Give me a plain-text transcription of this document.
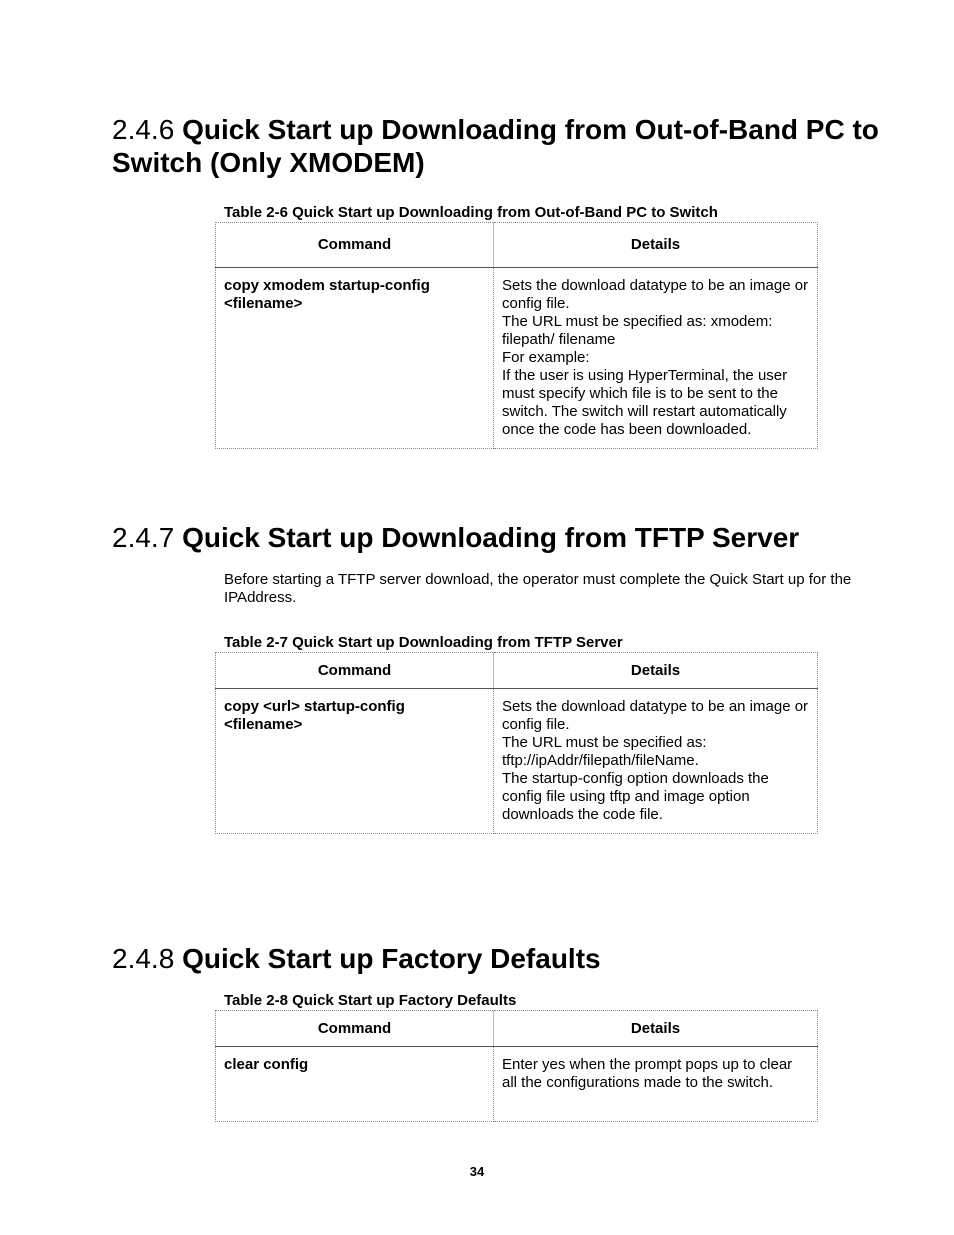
2.4.6 Quick Start up Downloading from Out-of-Band PC to Switch (Only XMODEM)
Table 2-6 Quick Start up Downloading from Out-of-Band PC to Switch
Command	Details
copy xmodem startup-config <filename>	Sets the download datatype to be an image or config file.
The URL must be specified as: xmodem: filepath/ filename
For example:
If the user is using HyperTerminal, the user must specify which file is to be sent to the switch. The switch will restart automatically once the code has been downloaded.
2.4.7 Quick Start up Downloading from TFTP Server
Before starting a TFTP server download, the operator must complete the Quick Start up for the IPAddress.
Table 2-7 Quick Start up Downloading from TFTP Server
Command	Details
copy <url> startup-config <filename>	Sets the download datatype to be an image or config file.
The URL must be specified as: tftp://ipAddr/filepath/fileName.
The startup-config option downloads the config file using tftp and image option downloads the code file.
2.4.8 Quick Start up Factory Defaults
Table 2-8 Quick Start up Factory Defaults
Command	Details
clear config	Enter yes when the prompt pops up to clear all the configurations made to the switch.
34
